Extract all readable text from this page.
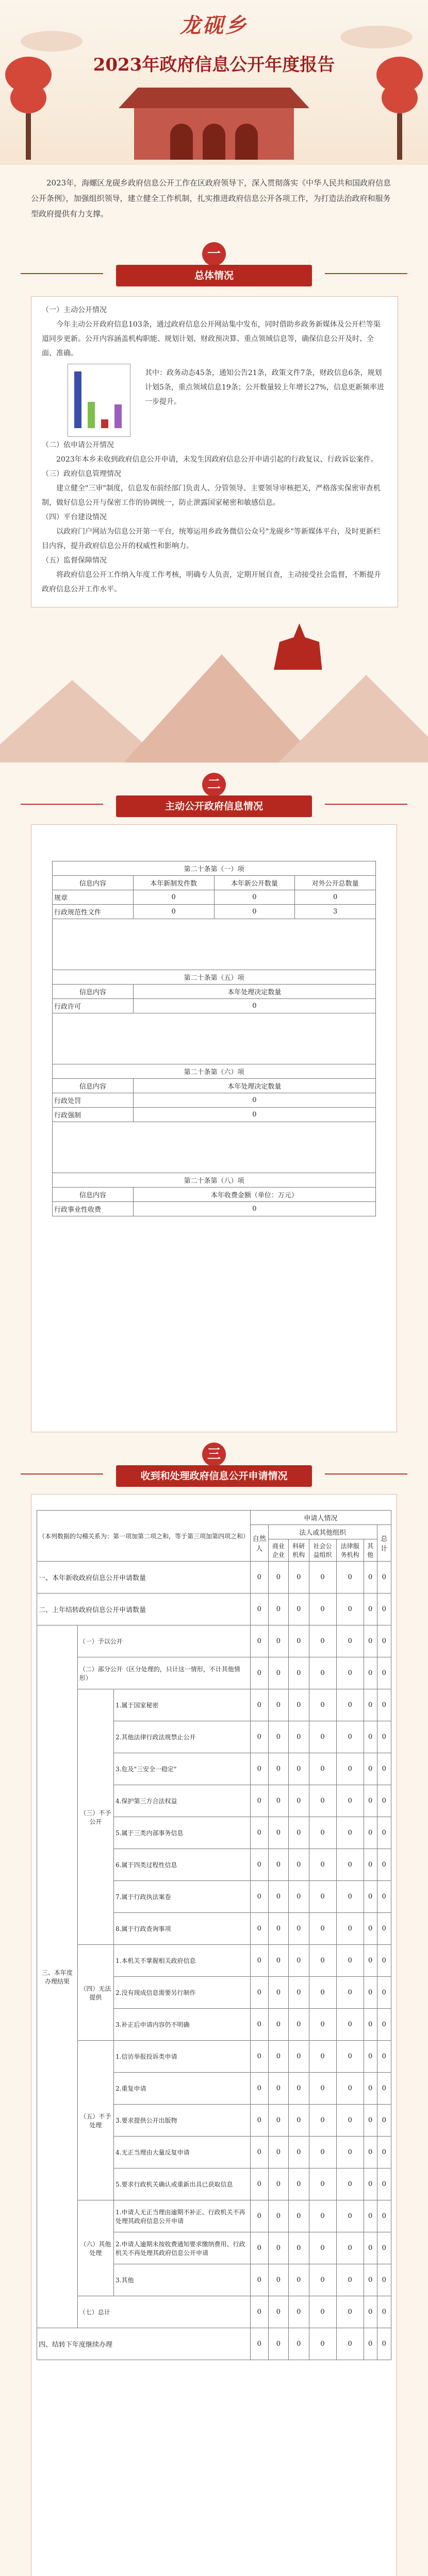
龙砚乡
2023年政府信息公开年度报告
2023年，海螺区龙砚乡政府信息公开工作在区政府领导下，深入贯彻落实《中华人民共和国政府信息公开条例》，加强组织领导，建立健全工作机制，扎实推进政府信息公开各项工作，为打造法治政府和服务型政府提供有力支撑。
一
总体情况
（一）主动公开情况
今年主动公开政府信息103条，通过政府信息公开网站集中发布，同时借助乡政务新媒体及公开栏等渠道同步更新。公开内容涵盖机构职能、规划计划、财政预决算、重点领域信息等，确保信息公开及时、全面、准确。
其中：政务动态45条，通知公告21条，政策文件7条，财政信息6条，规划计划5条，重点领域信息19条；公开数量较上年增长27%，信息更新频率进一步提升。
（二）依申请公开情况
2023年本乡未收到政府信息公开申请，未发生因政府信息公开申请引起的行政复议、行政诉讼案件。
（三）政府信息管理情况
建立健全"三审"制度，信息发布前经部门负责人、分管领导、主要领导审核把关，严格落实保密审查机制，做好信息公开与保密工作的协调统一，防止泄露国家秘密和敏感信息。
（四）平台建设情况
以政府门户网站为信息公开第一平台，统筹运用乡政务微信公众号"龙砚乡"等新媒体平台，及时更新栏目内容，提升政府信息公开的权威性和影响力。
（五）监督保障情况
将政府信息公开工作纳入年度工作考核，明确专人负责，定期开展自查，主动接受社会监督，不断提升政府信息公开工作水平。
二
主动公开政府信息情况
第二十条第（一）项			
信息内容	本年新制发件数	本年新公开数量	对外公开总数量
规章	0	0	0
行政规范性文件	0	0	3

第二十条第（五）项			
信息内容	本年处理决定数量		
行政许可	0		

第二十条第（六）项			
信息内容	本年处理决定数量		
行政处罚	0		
行政强制	0		

第二十条第（八）项			
信息内容	本年收费金额（单位：万元）		
行政事业性收费	0		
三
收到和处理政府信息公开申请情况
（本列数据的勾稽关系为：第一项加第二项之和，等于第三项加第四项之和）			申请人情况						
			自然人	法人或其他组织					总计
				商业企业	科研机构	社会公益组织	法律服务机构	其他	
一、本年新收政府信息公开申请数量			0	0	0	0	0	0	0
二、上年结转政府信息公开申请数量			0	0	0	0	0	0	0
三、本年度办理结果	（一）予以公开		0	0	0	0	0	0	0
	（二）部分公开（区分处理的，只计这一情形，不计其他情形）		0	0	0	0	0	0	0
	（三）不予公开	1.属于国家秘密	0	0	0	0	0	0	0
		2.其他法律行政法规禁止公开	0	0	0	0	0	0	0
		3.危及"三安全一稳定"	0	0	0	0	0	0	0
		4.保护第三方合法权益	0	0	0	0	0	0	0
		5.属于三类内部事务信息	0	0	0	0	0	0	0
		6.属于四类过程性信息	0	0	0	0	0	0	0
		7.属于行政执法案卷	0	0	0	0	0	0	0
		8.属于行政查询事项	0	0	0	0	0	0	0
	（四）无法提供	1.本机关不掌握相关政府信息	0	0	0	0	0	0	0
		2.没有现成信息需要另行制作	0	0	0	0	0	0	0
		3.补正后申请内容仍不明确	0	0	0	0	0	0	0
	（五）不予处理	1.信访举报投诉类申请	0	0	0	0	0	0	0
		2.重复申请	0	0	0	0	0	0	0
		3.要求提供公开出版物	0	0	0	0	0	0	0
		4.无正当理由大量反复申请	0	0	0	0	0	0	0
		5.要求行政机关确认或重新出具已获取信息	0	0	0	0	0	0	0
	（六）其他处理	1.申请人无正当理由逾期不补正、行政机关不再处理其政府信息公开申请	0	0	0	0	0	0	0
		2.申请人逾期未按收费通知要求缴纳费用、行政机关不再处理其政府信息公开申请	0	0	0	0	0	0	0
		3.其他	0	0	0	0	0	0	0
	（七）总计		0	0	0	0	0	0	0
四、结转下年度继续办理			0	0	0	0	0	0	0
